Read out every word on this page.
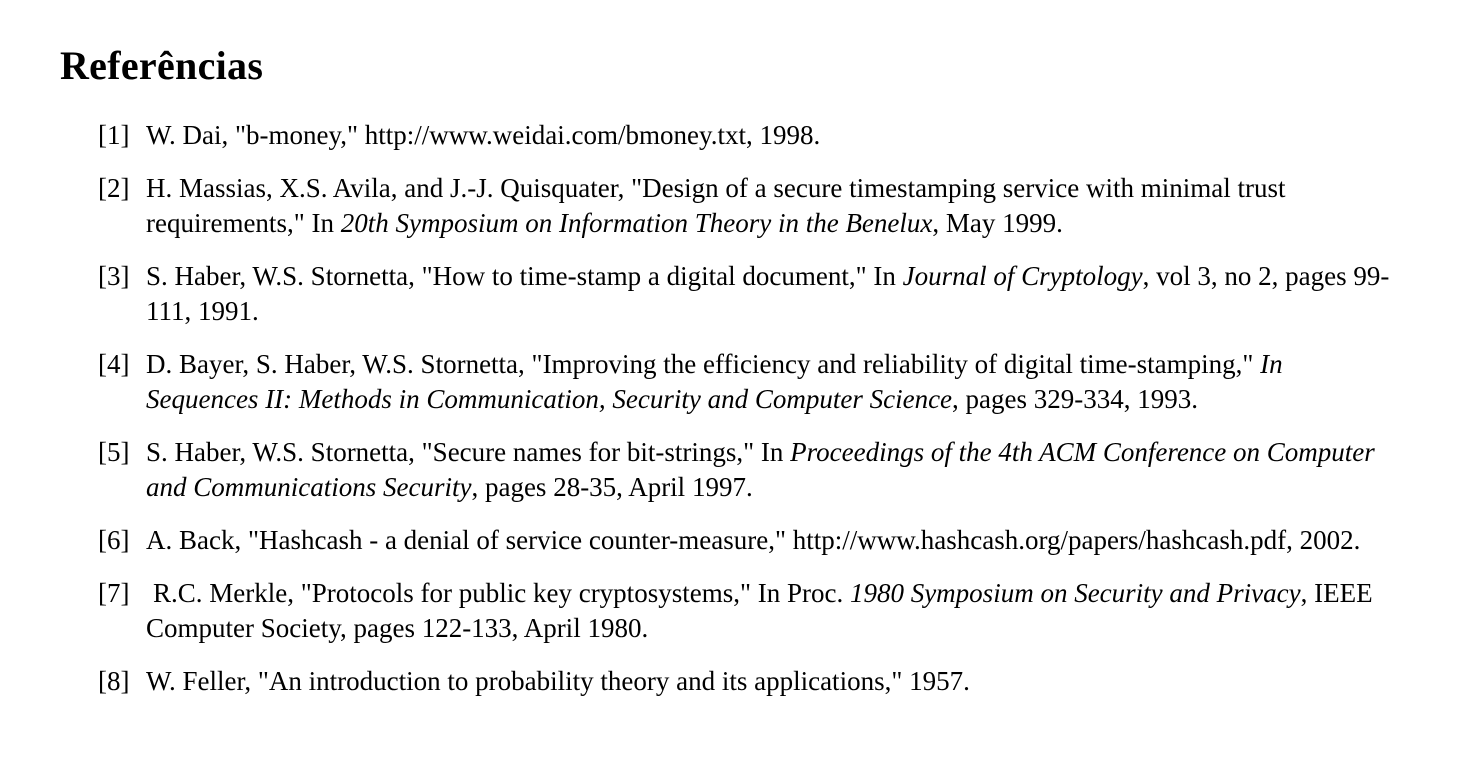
Referências
[1] W. Dai, "b-money," http://www.weidai.com/bmoney.txt, 1998.
[2] H. Massias, X.S. Avila, and J.-J. Quisquater, "Design of a secure timestamping service with minimal trust requirements," In 20th Symposium on Information Theory in the Benelux, May 1999.
[3] S. Haber, W.S. Stornetta, "How to time-stamp a digital document," In Journal of Cryptology, vol 3, no 2, pages 99-111, 1991.
[4] D. Bayer, S. Haber, W.S. Stornetta, "Improving the efficiency and reliability of digital time-stamping," In Sequences II: Methods in Communication, Security and Computer Science, pages 329-334, 1993.
[5] S. Haber, W.S. Stornetta, "Secure names for bit-strings," In Proceedings of the 4th ACM Conference on Computer and Communications Security, pages 28-35, April 1997.
[6] A. Back, "Hashcash - a denial of service counter-measure," http://www.hashcash.org/papers/hashcash.pdf, 2002.
[7] R.C. Merkle, "Protocols for public key cryptosystems," In Proc. 1980 Symposium on Security and Privacy, IEEE Computer Society, pages 122-133, April 1980.
[8] W. Feller, "An introduction to probability theory and its applications," 1957.
